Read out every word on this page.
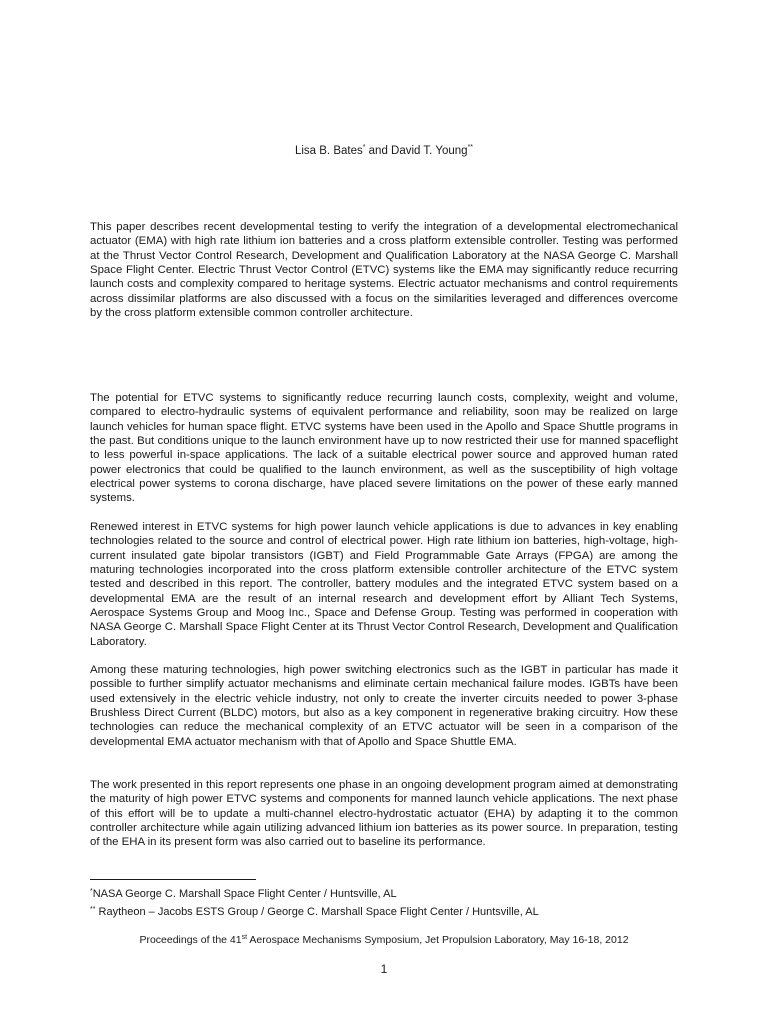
Lisa B. Bates* and David T. Young**

This paper describes recent developmental testing to verify the integration of a developmental electromechanical actuator (EMA) with high rate lithium ion batteries and a cross platform extensible controller. Testing was performed at the Thrust Vector Control Research, Development and Qualification Laboratory at the NASA George C. Marshall Space Flight Center. Electric Thrust Vector Control (ETVC) systems like the EMA may significantly reduce recurring launch costs and complexity compared to heritage systems. Electric actuator mechanisms and control requirements across dissimilar platforms are also discussed with a focus on the similarities leveraged and differences overcome by the cross platform extensible common controller architecture.

The potential for ETVC systems to significantly reduce recurring launch costs, complexity, weight and volume, compared to electro-hydraulic systems of equivalent performance and reliability, soon may be realized on large launch vehicles for human space flight. ETVC systems have been used in the Apollo and Space Shuttle programs in the past. But conditions unique to the launch environment have up to now restricted their use for manned spaceflight to less powerful in-space applications. The lack of a suitable electrical power source and approved human rated power electronics that could be qualified to the launch environment, as well as the susceptibility of high voltage electrical power systems to corona discharge, have placed severe limitations on the power of these early manned systems.

Renewed interest in ETVC systems for high power launch vehicle applications is due to advances in key enabling technologies related to the source and control of electrical power. High rate lithium ion batteries, high-voltage, high-current insulated gate bipolar transistors (IGBT) and Field Programmable Gate Arrays (FPGA) are among the maturing technologies incorporated into the cross platform extensible controller architecture of the ETVC system tested and described in this report. The controller, battery modules and the integrated ETVC system based on a developmental EMA are the result of an internal research and development effort by Alliant Tech Systems, Aerospace Systems Group and Moog Inc., Space and Defense Group. Testing was performed in cooperation with NASA George C. Marshall Space Flight Center at its Thrust Vector Control Research, Development and Qualification Laboratory.

Among these maturing technologies, high power switching electronics such as the IGBT in particular has made it possible to further simplify actuator mechanisms and eliminate certain mechanical failure modes. IGBTs have been used extensively in the electric vehicle industry, not only to create the inverter circuits needed to power 3-phase Brushless Direct Current (BLDC) motors, but also as a key component in regenerative braking circuitry. How these technologies can reduce the mechanical complexity of an ETVC actuator will be seen in a comparison of the developmental EMA actuator mechanism with that of Apollo and Space Shuttle EMA.

The work presented in this report represents one phase in an ongoing development program aimed at demonstrating the maturity of high power ETVC systems and components for manned launch vehicle applications. The next phase of this effort will be to update a multi-channel electro-hydrostatic actuator (EHA) by adapting it to the common controller architecture while again utilizing advanced lithium ion batteries as its power source. In preparation, testing of the EHA in its present form was also carried out to baseline its performance.

*NASA George C. Marshall Space Flight Center / Huntsville, AL
** Raytheon – Jacobs ESTS Group / George C. Marshall Space Flight Center / Huntsville, AL
Proceedings of the 41st Aerospace Mechanisms Symposium, Jet Propulsion Laboratory, May 16-18, 2012
1
